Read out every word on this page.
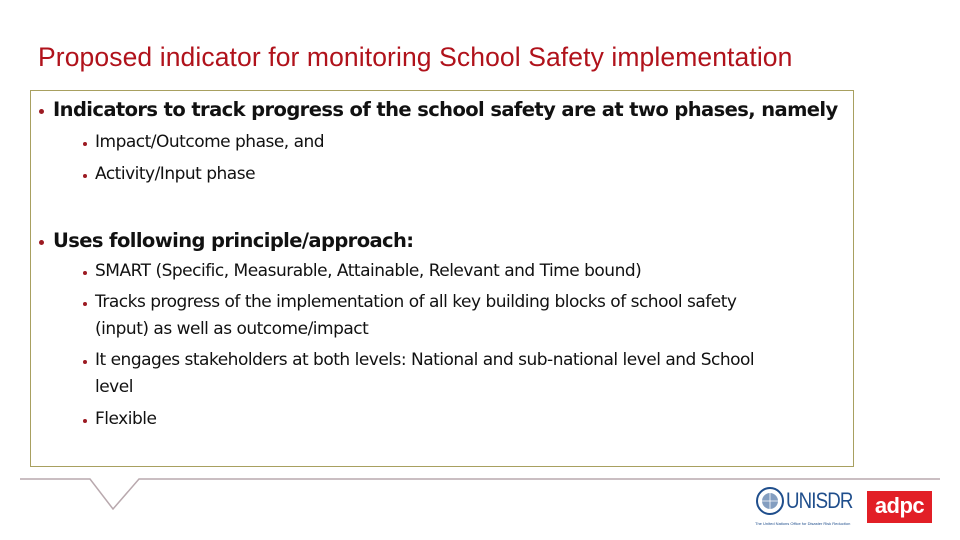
Proposed indicator for monitoring School Safety implementation
Indicators to track progress of the school safety are at two phases, namely
Impact/Outcome phase, and
Activity/Input phase
Uses following principle/approach:
SMART (Specific, Measurable, Attainable, Relevant and Time bound)
Tracks progress of the implementation of all key building blocks of school safety
(input) as well as outcome/impact
It engages stakeholders at both levels: National and sub-national level and School
level
Flexible
UNISDR
The United Nations Office for Disaster Risk Reduction
adpc
